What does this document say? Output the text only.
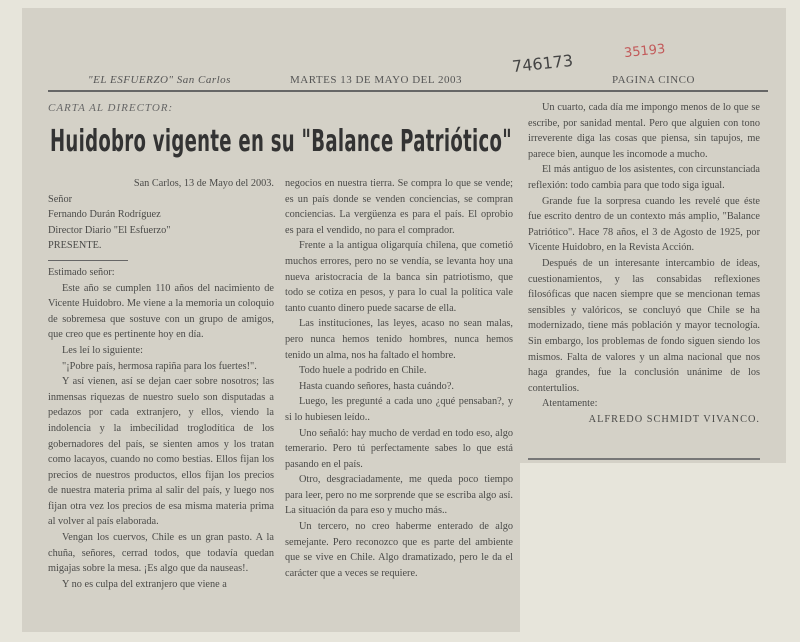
"EL ESFUERZO" San Carlos	MARTES 13 DE MAYO DEL 2003	PAGINA CINCO
746173	35193
CARTA AL DIRECTOR:
Huidobro vigente en su "Balance Patriótico"

San Carlos, 13 de Mayo del 2003.

Señor

Fernando Durán Rodríguez

Director Diario "El Esfuerzo"

PRESENTE.

Estimado señor:

Este año se cumplen 110 años del nacimiento de Vicente Huidobro. Me viene a la memoria un coloquio de sobremesa que sostuve con un grupo de amigos, que creo que es pertinente hoy en día.

Les leí lo siguiente:

"¡Pobre país, hermosa rapiña para los fuertes!".

Y así vienen, así se dejan caer sobre nosotros; las inmensas riquezas de nuestro suelo son disputadas a pedazos por cada extranjero, y ellos, viendo la indolencia y la imbecilidad troglodítica de los gobernadores del país, se sienten amos y los tratan como lacayos, cuando no como bestias. Ellos fijan los precios de nuestros productos, ellos fijan los precios de nuestra materia prima al salir del país, y luego nos fijan otra vez los precios de esa misma materia prima al volver al país elaborada.

Vengan los cuervos, Chile es un gran pasto. A la chuña, señores, cerrad todos, que todavía quedan migajas sobre la mesa. ¡Es algo que da nauseas!.

Y no es culpa del extranjero que viene a

negocios en nuestra tierra. Se compra lo que se vende; es un país donde se venden conciencias, se compran conciencias. La vergüenza es para el país. El oprobio es para el vendido, no para el comprador.

Frente a la antigua oligarquía chilena, que cometió muchos errores, pero no se vendía, se levanta hoy una nueva aristocracia de la banca sin patriotismo, que todo se cotiza en pesos, y para lo cual la política vale tanto cuanto dinero puede sacarse de ella.

Las instituciones, las leyes, acaso no sean malas, pero nunca hemos tenido hombres, nunca hemos tenido un alma, nos ha faltado el hombre.

Todo huele a podrido en Chile.

Hasta cuando señores, hasta cuándo?.

Luego, les pregunté a cada uno ¿qué pensaban?, y si lo hubiesen leído..

Uno señaló: hay mucho de verdad en todo eso, algo temerario. Pero tú perfectamente sabes lo que está pasando en el país.

Otro, desgraciadamente, me queda poco tiempo para leer, pero no me sorprende que se escriba algo así. La situación da para eso y mucho más..

Un tercero, no creo haberme enterado de algo semejante. Pero reconozco que es parte del ambiente que se vive en Chile. Algo dramatizado, pero le da el carácter que a veces se requiere.

Un cuarto, cada día me impongo menos de lo que se escribe, por sanidad mental. Pero que alguien con tono irreverente diga las cosas que piensa, sin tapujos, me parece bien, aunque les incomode a mucho.

El más antiguo de los asistentes, con circunstanciada reflexión: todo cambia para que todo siga igual.

Grande fue la sorpresa cuando les revelé que éste fue escrito dentro de un contexto más amplio, "Balance Patriótico". Hace 78 años, el 3 de Agosto de 1925, por Vicente Huidobro, en la Revista Acción.

Después de un interesante intercambio de ideas, cuestionamientos, y las consabidas reflexiones filosóficas que nacen siempre que se mencionan temas sensibles y valóricos, se concluyó que Chile se ha modernizado, tiene más población y mayor tecnología. Sin embargo, los problemas de fondo siguen siendo los mismos. Falta de valores y un alma nacional que nos haga grandes, fue la conclusión unánime de los contertulios.

Atentamente:

ALFREDO SCHMIDT VIVANCO.
